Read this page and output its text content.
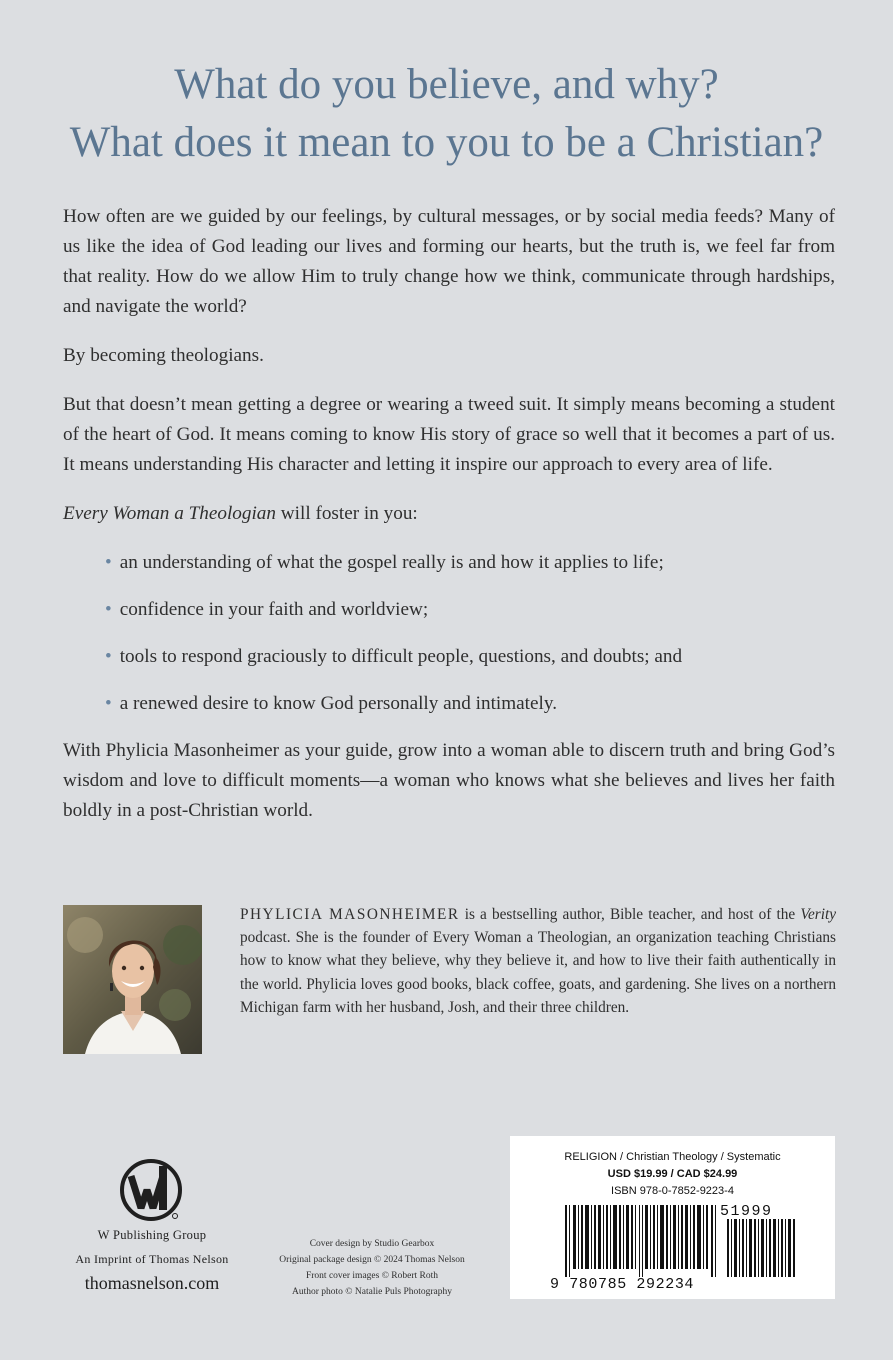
What do you believe, and why?
What does it mean to you to be a Christian?

How often are we guided by our feelings, by cultural messages, or by social media feeds? Many of us like the idea of God leading our lives and forming our hearts, but the truth is, we feel far from that reality. How do we allow Him to truly change how we think, communicate through hardships, and navigate the world?

By becoming theologians.

But that doesn’t mean getting a degree or wearing a tweed suit. It simply means becoming a student of the heart of God. It means coming to know His story of grace so well that it becomes a part of us. It means understanding His character and letting it inspire our approach to every area of life.

Every Woman a Theologian will foster in you:

• an understanding of what the gospel really is and how it applies to life;
• confidence in your faith and worldview;
• tools to respond graciously to difficult people, questions, and doubts; and
• a renewed desire to know God personally and intimately.

With Phylicia Masonheimer as your guide, grow into a woman able to discern truth and bring God’s wisdom and love to difficult moments—a woman who knows what she believes and lives her faith boldly in a post-Christian world.

PHYLICIA MASONHEIMER is a bestselling author, Bible teacher, and host of the Verity podcast. She is the founder of Every Woman a Theologian, an organization teaching Christians how to know what they believe, why they believe it, and how to live their faith authentically in the world. Phylicia loves good books, black coffee, goats, and gardening. She lives on a northern Michigan farm with her husband, Josh, and their three children.
W Publishing Group
An Imprint of Thomas Nelson
thomasnelson.com
Cover design by Studio Gearbox
Original package design © 2024 Thomas Nelson
Front cover images © Robert Roth
Author photo © Natalie Puls Photography
RELIGION / Christian Theology / Systematic
USD $19.99 / CAD $24.99
ISBN 978-0-7852-9223-4
51999
9 780785 292234
